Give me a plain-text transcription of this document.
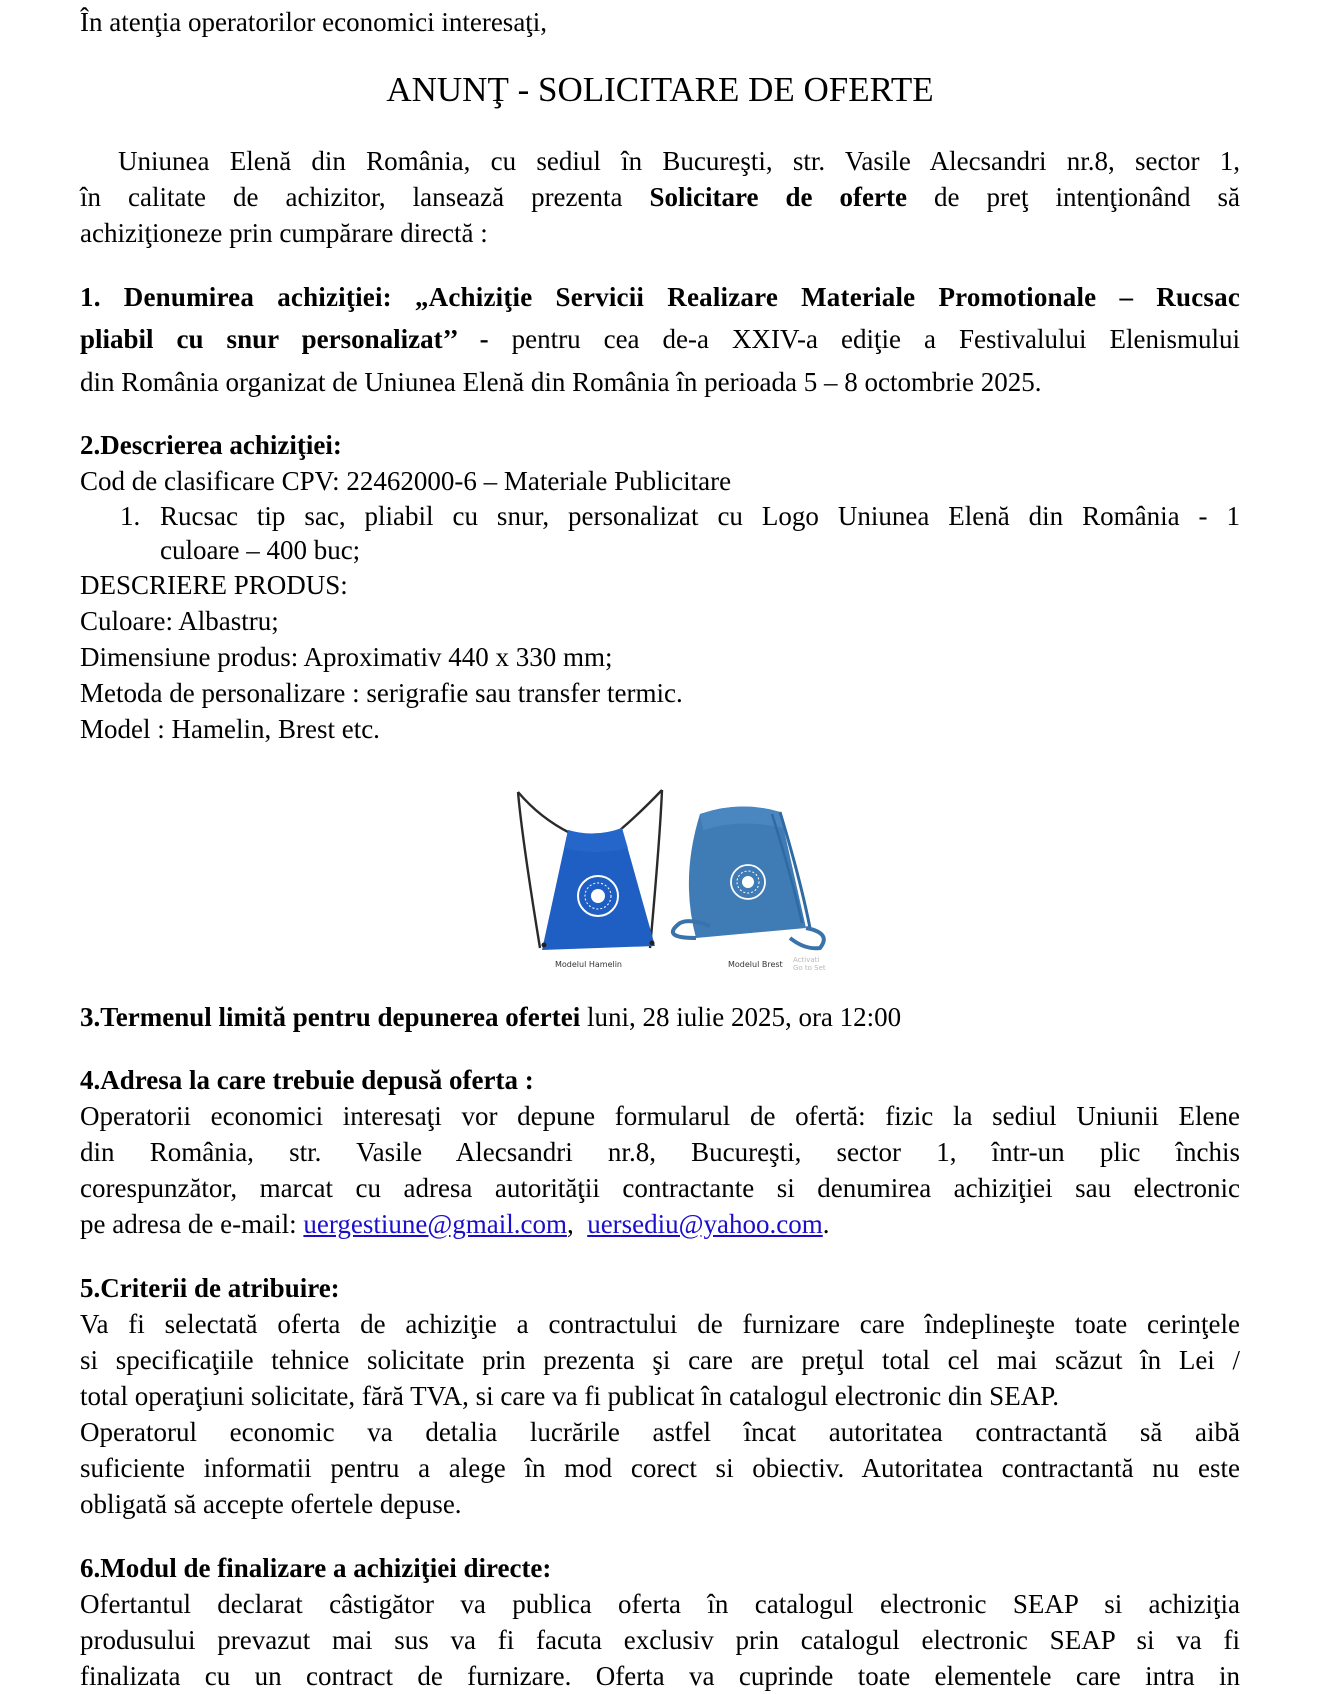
În atenţia operatorilor economici interesaţi,
ANUNŢ - SOLICITARE DE OFERTE
Uniunea Elenă din România, cu sediul în Bucureşti, str. Vasile Alecsandri nr.8, sector 1,
în calitate de achizitor, lansează prezenta Solicitare de oferte de preţ intenţionând să
achiziţioneze prin cumpărare directă :
1. Denumirea achiziţiei: „Achiziţie Servicii Realizare Materiale Promotionale – Rucsac
pliabil cu snur personalizat’’ - pentru cea de-a XXIV-a ediţie a Festivalului Elenismului
din România organizat de Uniunea Elenă din România în perioada 5 – 8 octombrie 2025.
2.Descrierea achiziţiei:
Cod de clasificare CPV: 22462000-6 – Materiale Publicitare
1. Rucsac tip sac, pliabil cu snur, personalizat cu Logo Uniunea Elenă din România - 1
culoare – 400 buc;
DESCRIERE PRODUS:
Culoare: Albastru;
Dimensiune produs: Aproximativ 440 x 330 mm;
Metoda de personalizare : serigrafie sau transfer termic.
Model : Hamelin, Brest etc.
Modelul Hamelin	Modelul Brest Activati
Go to Set
3.Termenul limită pentru depunerea ofertei luni, 28 iulie 2025, ora 12:00
4.Adresa la care trebuie depusă oferta :
Operatorii economici interesaţi vor depune formularul de ofertă: fizic la sediul Uniunii Elene
din România, str. Vasile Alecsandri nr.8, Bucureşti, sector 1, într-un plic închis
corespunzător, marcat cu adresa autorităţii contractante si denumirea achiziţiei sau electronic
pe adresa de e-mail: uergestiune@gmail.com, uersediu@yahoo.com.
5.Criterii de atribuire:
Va fi selectată oferta de achiziţie a contractului de furnizare care îndeplineşte toate cerinţele
si specificaţiile tehnice solicitate prin prezenta şi care are preţul total cel mai scăzut în Lei /
total operaţiuni solicitate, fără TVA, si care va fi publicat în catalogul electronic din SEAP.
Operatorul economic va detalia lucrările astfel încat autoritatea contractantă să aibă
suficiente informatii pentru a alege în mod corect si obiectiv. Autoritatea contractantă nu este
obligată să accepte ofertele depuse.
6.Modul de finalizare a achiziţiei directe:
Ofertantul declarat câstigător va publica oferta în catalogul electronic SEAP si achiziţia
produsului prevazut mai sus va fi facuta exclusiv prin catalogul electronic SEAP si va fi
finalizata cu un contract de furnizare. Oferta va cuprinde toate elementele care intra in
